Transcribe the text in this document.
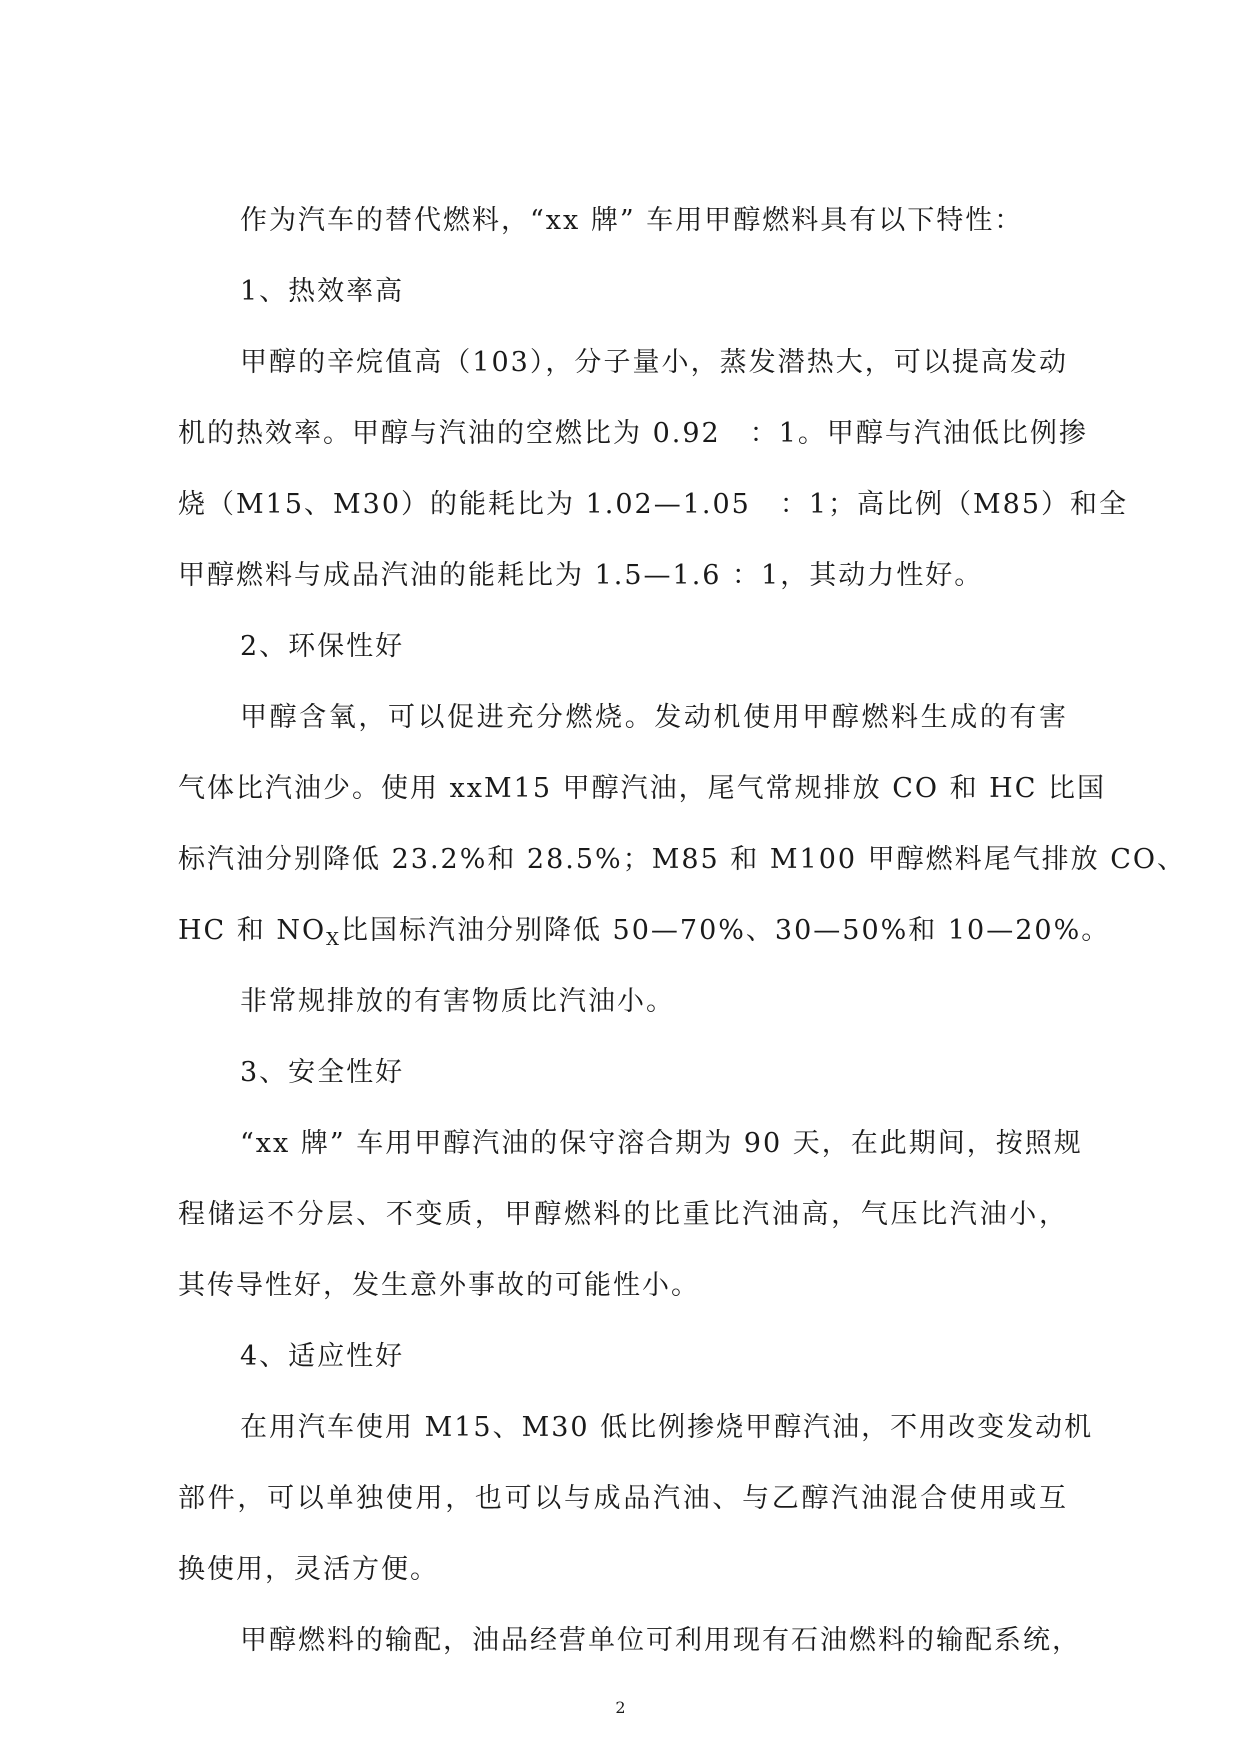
作为汽车的替代燃料，“xx 牌” 车用甲醇燃料具有以下特性：
1、热效率高
甲醇的辛烷值高（103），分子量小，蒸发潜热大，可以提高发动
机的热效率。甲醇与汽油的空燃比为 0.92　：1。甲醇与汽油低比例掺
烧（M15、M30）的能耗比为 1.02—1.05　：1；高比例（M85）和全
甲醇燃料与成品汽油的能耗比为 1.5—1.6 ：1，其动力性好。
2、环保性好
甲醇含氧，可以促进充分燃烧。发动机使用甲醇燃料生成的有害
气体比汽油少。使用 xxM15 甲醇汽油，尾气常规排放 CO 和 HC 比国
标汽油分别降低 23.2%和 28.5%；M85 和 M100 甲醇燃料尾气排放 CO、
HC 和 $NO_X$比国标汽油分别降低 50—70%、30—50%和 10—20%。
非常规排放的有害物质比汽油小。
3、安全性好
“xx 牌” 车用甲醇汽油的保守溶合期为 90 天，在此期间，按照规
程储运不分层、不变质，甲醇燃料的比重比汽油高，气压比汽油小，
其传导性好，发生意外事故的可能性小。
4、适应性好
在用汽车使用 M15、M30 低比例掺烧甲醇汽油，不用改变发动机
部件，可以单独使用，也可以与成品汽油、与乙醇汽油混合使用或互
换使用，灵活方便。
甲醇燃料的输配，油品经营单位可利用现有石油燃料的输配系统，
2
